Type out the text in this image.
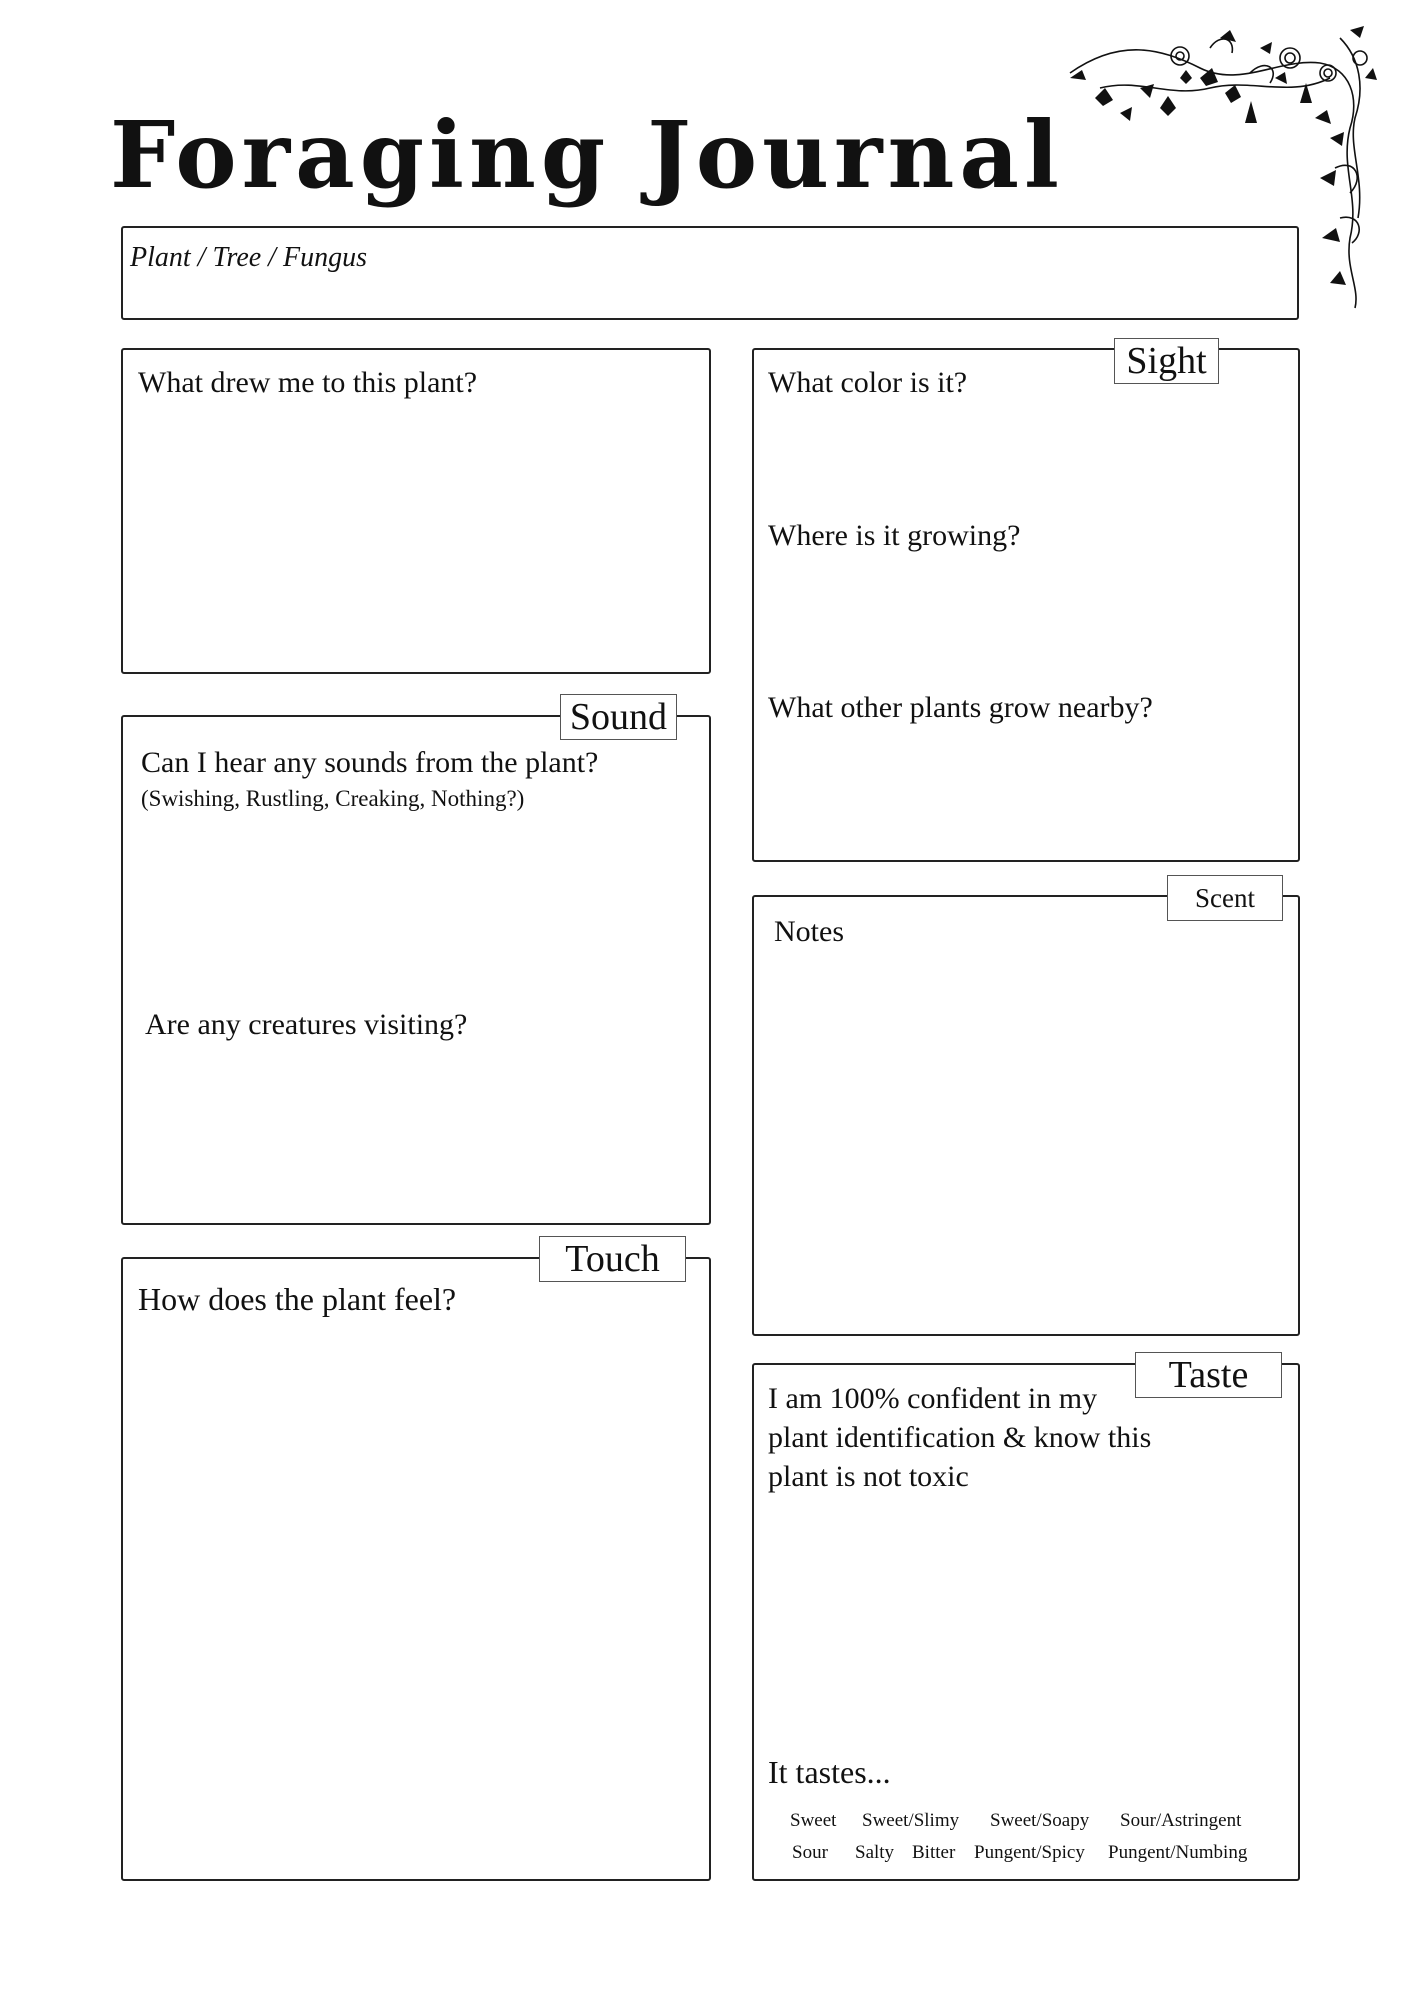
Foraging Journal
Plant / Tree / Fungus
What drew me to this plant?
Sight
What color is it?
Where is it growing?
What other plants grow nearby?
Sound
Can I hear any sounds from the plant?
(Swishing, Rustling, Creaking, Nothing?)
Are any creatures visiting?
Scent
Notes
Touch
How does the plant feel?
Taste
I am 100% confident in my
plant identification & know this
plant is not toxic
It tastes...
Sweet Sweet/Slimy Sweet/Soapy Sour/Astringent
Sour Salty Bitter Pungent/Spicy Pungent/Numbing
